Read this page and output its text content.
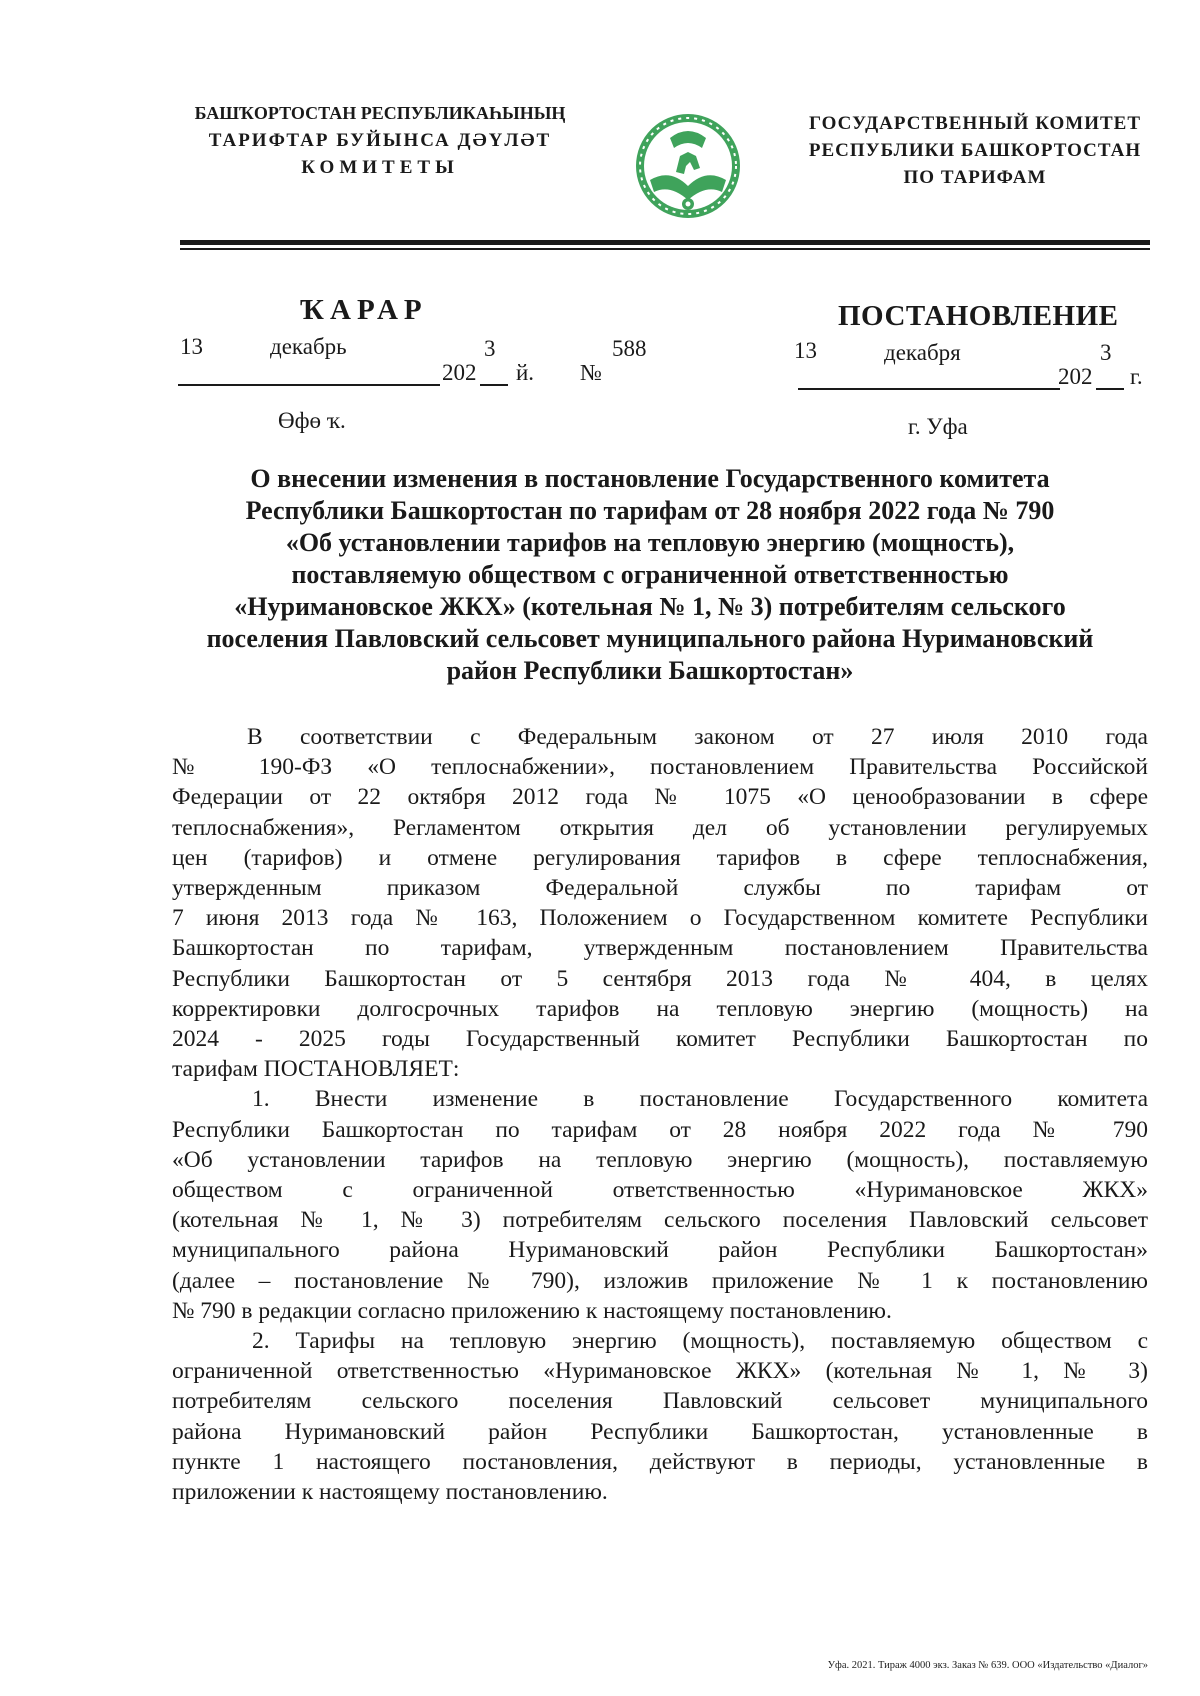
БАШҠОРТОСТАН РЕСПУБЛИКАҺЫНЫҢ
ТАРИФТАР БУЙЫНСА ДӘҮЛӘТ
КОМИТЕТЫ
ГОСУДАРСТВЕННЫЙ КОМИТЕТ
РЕСПУБЛИКИ БАШКОРТОСТАН
ПО ТАРИФАМ
ҠАРАР
13	декабрь	3	588
202 й. №
Өфө ҡ.
ПОСТАНОВЛЕНИЕ
13	декабря	3
202 г.
г. Уфа
О внесении изменения в постановление Государственного комитета
Республики Башкортостан по тарифам от 28 ноября 2022 года № 790
«Об установлении тарифов на тепловую энергию (мощность),
поставляемую обществом с ограниченной ответственностью
«Нуримановское ЖКХ» (котельная № 1, № 3) потребителям сельского
поселения Павловский сельсовет муниципального района Нуримановский
район Республики Башкортостан»
В соответствии с Федеральным законом от 27 июля 2010 года
№ 190-ФЗ «О теплоснабжении», постановлением Правительства Российской
Федерации от 22 октября 2012 года № 1075 «О ценообразовании в сфере
теплоснабжения», Регламентом открытия дел об установлении регулируемых
цен (тарифов) и отмене регулирования тарифов в сфере теплоснабжения,
утвержденным приказом Федеральной службы по тарифам от
7 июня 2013 года № 163, Положением о Государственном комитете Республики
Башкортостан по тарифам, утвержденным постановлением Правительства
Республики Башкортостан от 5 сентября 2013 года № 404, в целях
корректировки долгосрочных тарифов на тепловую энергию (мощность) на
2024 - 2025 годы Государственный комитет Республики Башкортостан по
тарифам ПОСТАНОВЛЯЕТ:
1. Внести изменение в постановление Государственного комитета
Республики Башкортостан по тарифам от 28 ноября 2022 года № 790
«Об установлении тарифов на тепловую энергию (мощность), поставляемую
обществом с ограниченной ответственностью «Нуримановское ЖКХ»
(котельная № 1, № 3) потребителям сельского поселения Павловский сельсовет
муниципального района Нуримановский район Республики Башкортостан»
(далее – постановление № 790), изложив приложение № 1 к постановлению
№ 790 в редакции согласно приложению к настоящему постановлению.
2. Тарифы на тепловую энергию (мощность), поставляемую обществом с
ограниченной ответственностью «Нуримановское ЖКХ» (котельная № 1, № 3)
потребителям сельского поселения Павловский сельсовет муниципального
района Нуримановский район Республики Башкортостан, установленные в
пункте 1 настоящего постановления, действуют в периоды, установленные в
приложении к настоящему постановлению.
Уфа. 2021. Тираж 4000 экз. Заказ № 639. ООО «Издательство «Диалог»
